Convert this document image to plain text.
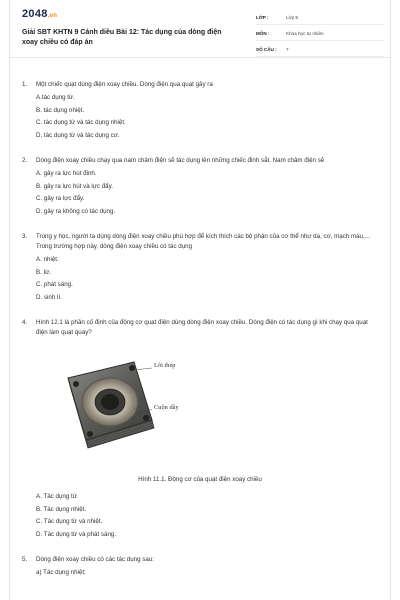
2048.vn
Giải SBT KHTN 9 Cánh diều Bài 12: Tác dụng của dòng điện xoay chiều có đáp án
LỚP :	Lớp 9
MÔN :	Khoa học tự nhiên
SỐ CÂU :	7
1.	Một chiếc quạt dùng điện xoay chiều. Dòng điện qua quạt gây ra
A.tác dụng từ.
B. tác dụng nhiệt.
C. tác dụng từ và tác dụng nhiệt.
D. tác dụng từ và tác dụng cơ.
2.	Dòng điện xoay chiều chạy qua nam châm điện sẽ tác dụng lên những chiếc đinh sắt. Nam châm điện sẽ
A. gây ra lực hút đinh.
B. gây ra lực hút và lực đẩy.
C. gây ra lực đẩy.
D. gây ra không có tác dụng.
3.	Trong y học, người ta dùng dòng điện xoay chiều phù hợp để kích thích các bộ phận của cơ thể như da, cơ, mạch máu,... Trong trường hợp này, dòng điện xoay chiều có tác dụng
A. nhiệt.
B. từ.
C. phát sáng.
D. sinh lí.
4.	Hình 12.1 là phần cố định của động cơ quạt điện dùng dòng điện xoay chiều. Dòng điện có tác dụng gì khi chạy qua quạt điện làm quạt quay?
Lõi thép
Cuộn dây
Hình 11.1. Động cơ của quạt điện xoay chiều
A. Tác dụng từ.
B. Tác dụng nhiệt.
C. Tác dụng từ và nhiệt.
D. Tác dụng từ và phát sáng.
5.	Dòng điện xoay chiều có các tác dụng sau:
a) Tác dụng nhiệt;
